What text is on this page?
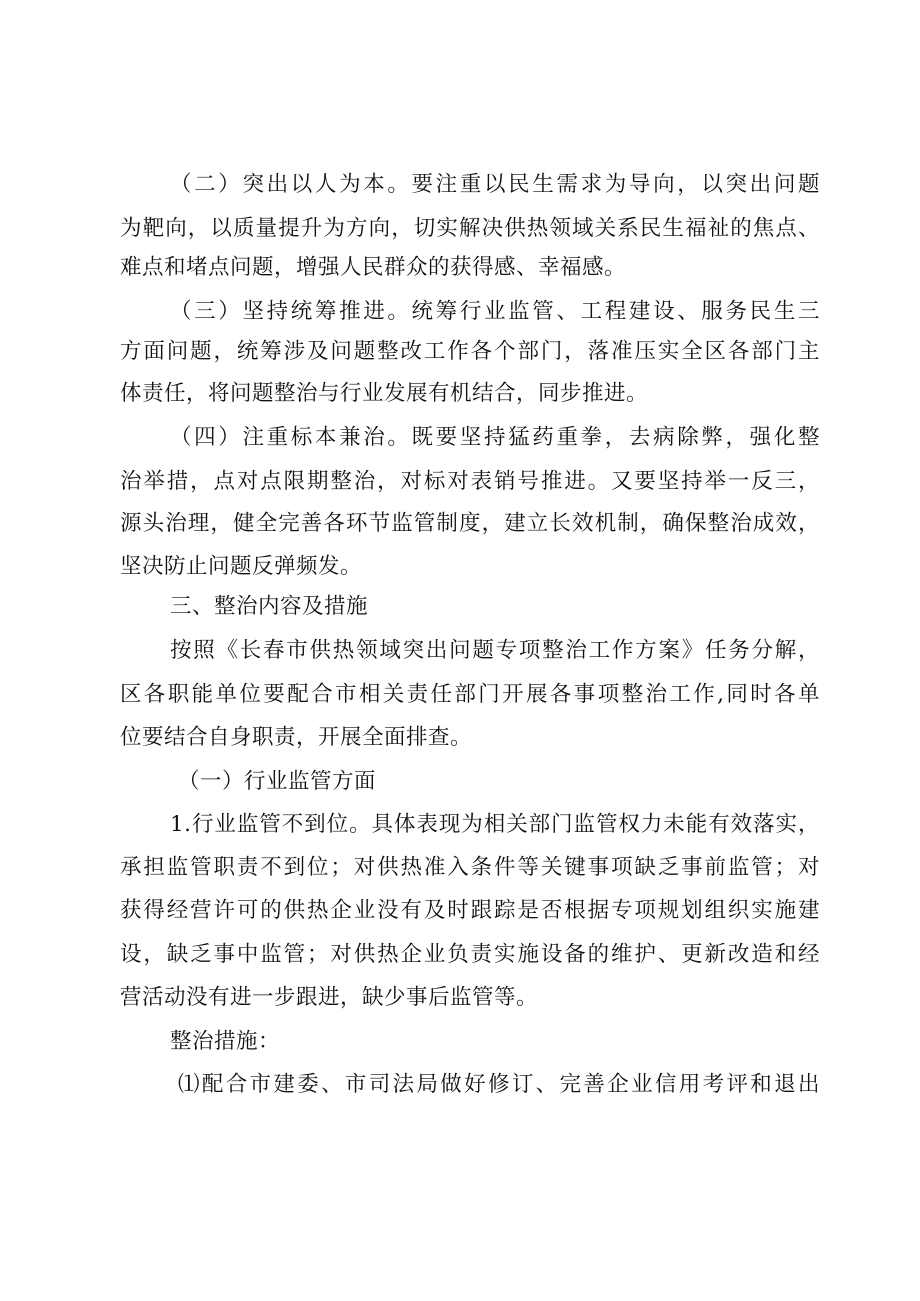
（二）突出以人为本。要注重以民生需求为导向，以突出问题
为靶向，以质量提升为方向，切实解决供热领域关系民生福祉的焦点、
难点和堵点问题，增强人民群众的获得感、幸福感。
（三）坚持统筹推进。统筹行业监管、工程建设、服务民生三
方面问题，统筹涉及问题整改工作各个部门，落准压实全区各部门主
体责任，将问题整治与行业发展有机结合，同步推进。
（四）注重标本兼治。既要坚持猛药重拳，去病除弊，强化整
治举措，点对点限期整治，对标对表销号推进。又要坚持举一反三，
源头治理，健全完善各环节监管制度，建立长效机制，确保整治成效，
坚决防止问题反弹频发。
三、整治内容及措施
按照《长春市供热领域突出问题专项整治工作方案》任务分解，
区各职能单位要配合市相关责任部门开展各事项整治工作,同时各单
位要结合自身职责，开展全面排查。
（一）行业监管方面
1.行业监管不到位。具体表现为相关部门监管权力未能有效落实，
承担监管职责不到位；对供热准入条件等关键事项缺乏事前监管；对
获得经营许可的供热企业没有及时跟踪是否根据专项规划组织实施建
设，缺乏事中监管；对供热企业负责实施设备的维护、更新改造和经
营活动没有进一步跟进，缺少事后监管等。
整治措施：
⑴配合市建委、市司法局做好修订、完善企业信用考评和退出
